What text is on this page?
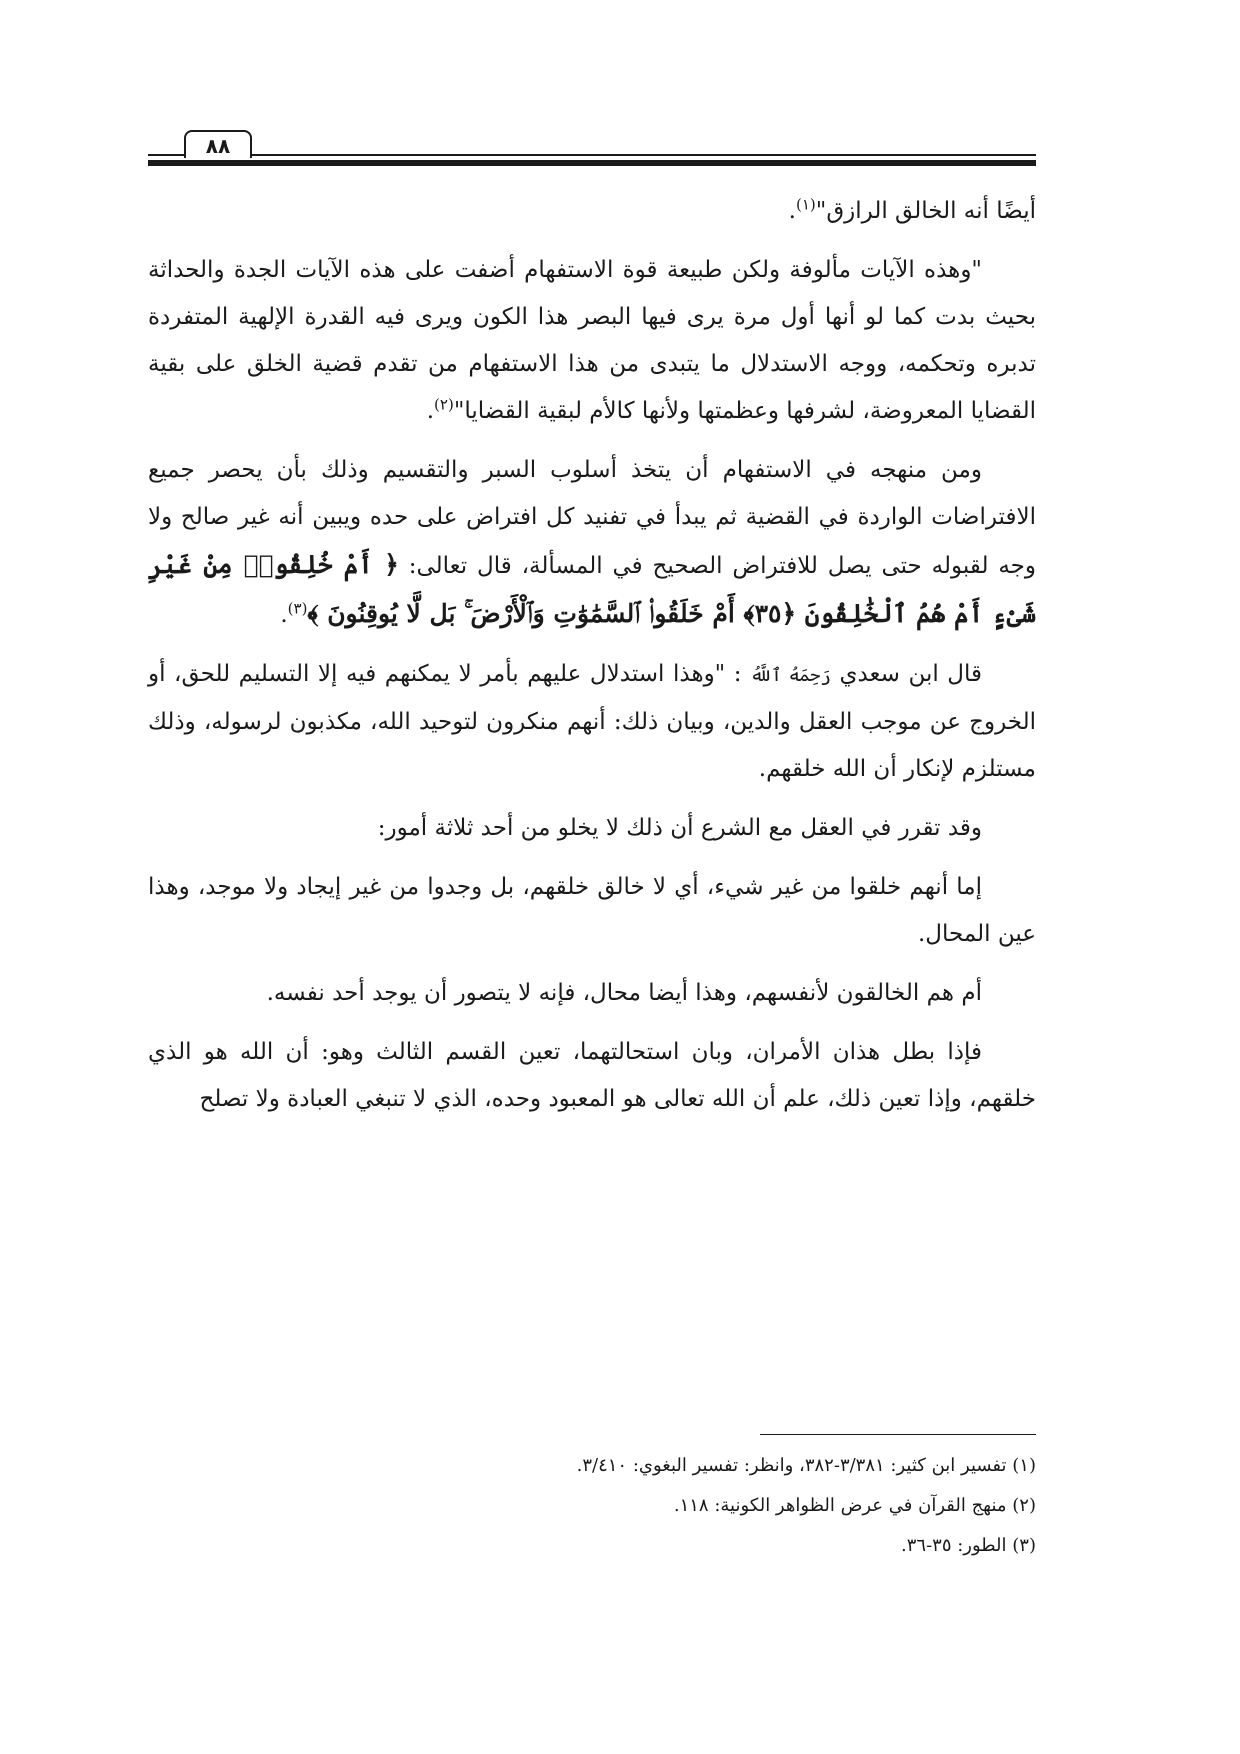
٨٨

أيضًا أنه الخالق الرازق"$^{(١)}$.

"وهذه الآيات مألوفة ولكن طبيعة قوة الاستفهام أضفت على هذه الآيات الجدة والحداثة بحيث بدت كما لو أنها أول مرة يرى فيها البصر هذا الكون ويرى فيه القدرة الإلهية المتفردة تدبره وتحكمه، ووجه الاستدلال ما يتبدى من هذا الاستفهام من تقدم قضية الخلق على بقية القضايا المعروضة، لشرفها وعظمتها ولأنها كالأم لبقية القضايا"$^{(٢)}$.

ومن منهجه في الاستفهام أن يتخذ أسلوب السبر والتقسيم وذلك بأن يحصر جميع الافتراضات الواردة في القضية ثم يبدأ في تفنيد كل افتراض على حده ويبين أنه غير صالح ولا وجه لقبوله حتى يصل للافتراض الصحيح في المسألة، قال تعالى: ﴿ أَمْ خُلِقُوا۟ مِنْ غَيْرِ شَىْءٍ أَمْ هُمُ ٱلْخَٰلِقُونَ ﴿٣٥﴾ أَمْ خَلَقُوا۟ ٱلسَّمَٰوَٰتِ وَٱلْأَرْضَ ۚ بَل لَّا يُوقِنُونَ ﴾$^{(٣)}$.

قال ابن سعدي رَحِمَهُ ٱللَّهُ : "وهذا استدلال عليهم بأمر لا يمكنهم فيه إلا التسليم للحق، أو الخروج عن موجب العقل والدين، وبيان ذلك: أنهم منكرون لتوحيد الله، مكذبون لرسوله، وذلك مستلزم لإنكار أن الله خلقهم.

وقد تقرر في العقل مع الشرع أن ذلك لا يخلو من أحد ثلاثة أمور:

إما أنهم خلقوا من غير شيء، أي لا خالق خلقهم، بل وجدوا من غير إيجاد ولا موجد، وهذا عين المحال.

أم هم الخالقون لأنفسهم، وهذا أيضا محال، فإنه لا يتصور أن يوجد أحد نفسه.

فإذا بطل هذان الأمران، وبان استحالتهما، تعين القسم الثالث وهو: أن الله هو الذي خلقهم، وإذا تعين ذلك، علم أن الله تعالى هو المعبود وحده، الذي لا تنبغي العبادة ولا تصلح

(١) تفسير ابن كثير: ٣/٣٨١-٣٨٢، وانظر: تفسير البغوي: ٣/٤١٠.
(٢) منهج القرآن في عرض الظواهر الكونية: ١١٨.
(٣) الطور: ٣٥-٣٦.
